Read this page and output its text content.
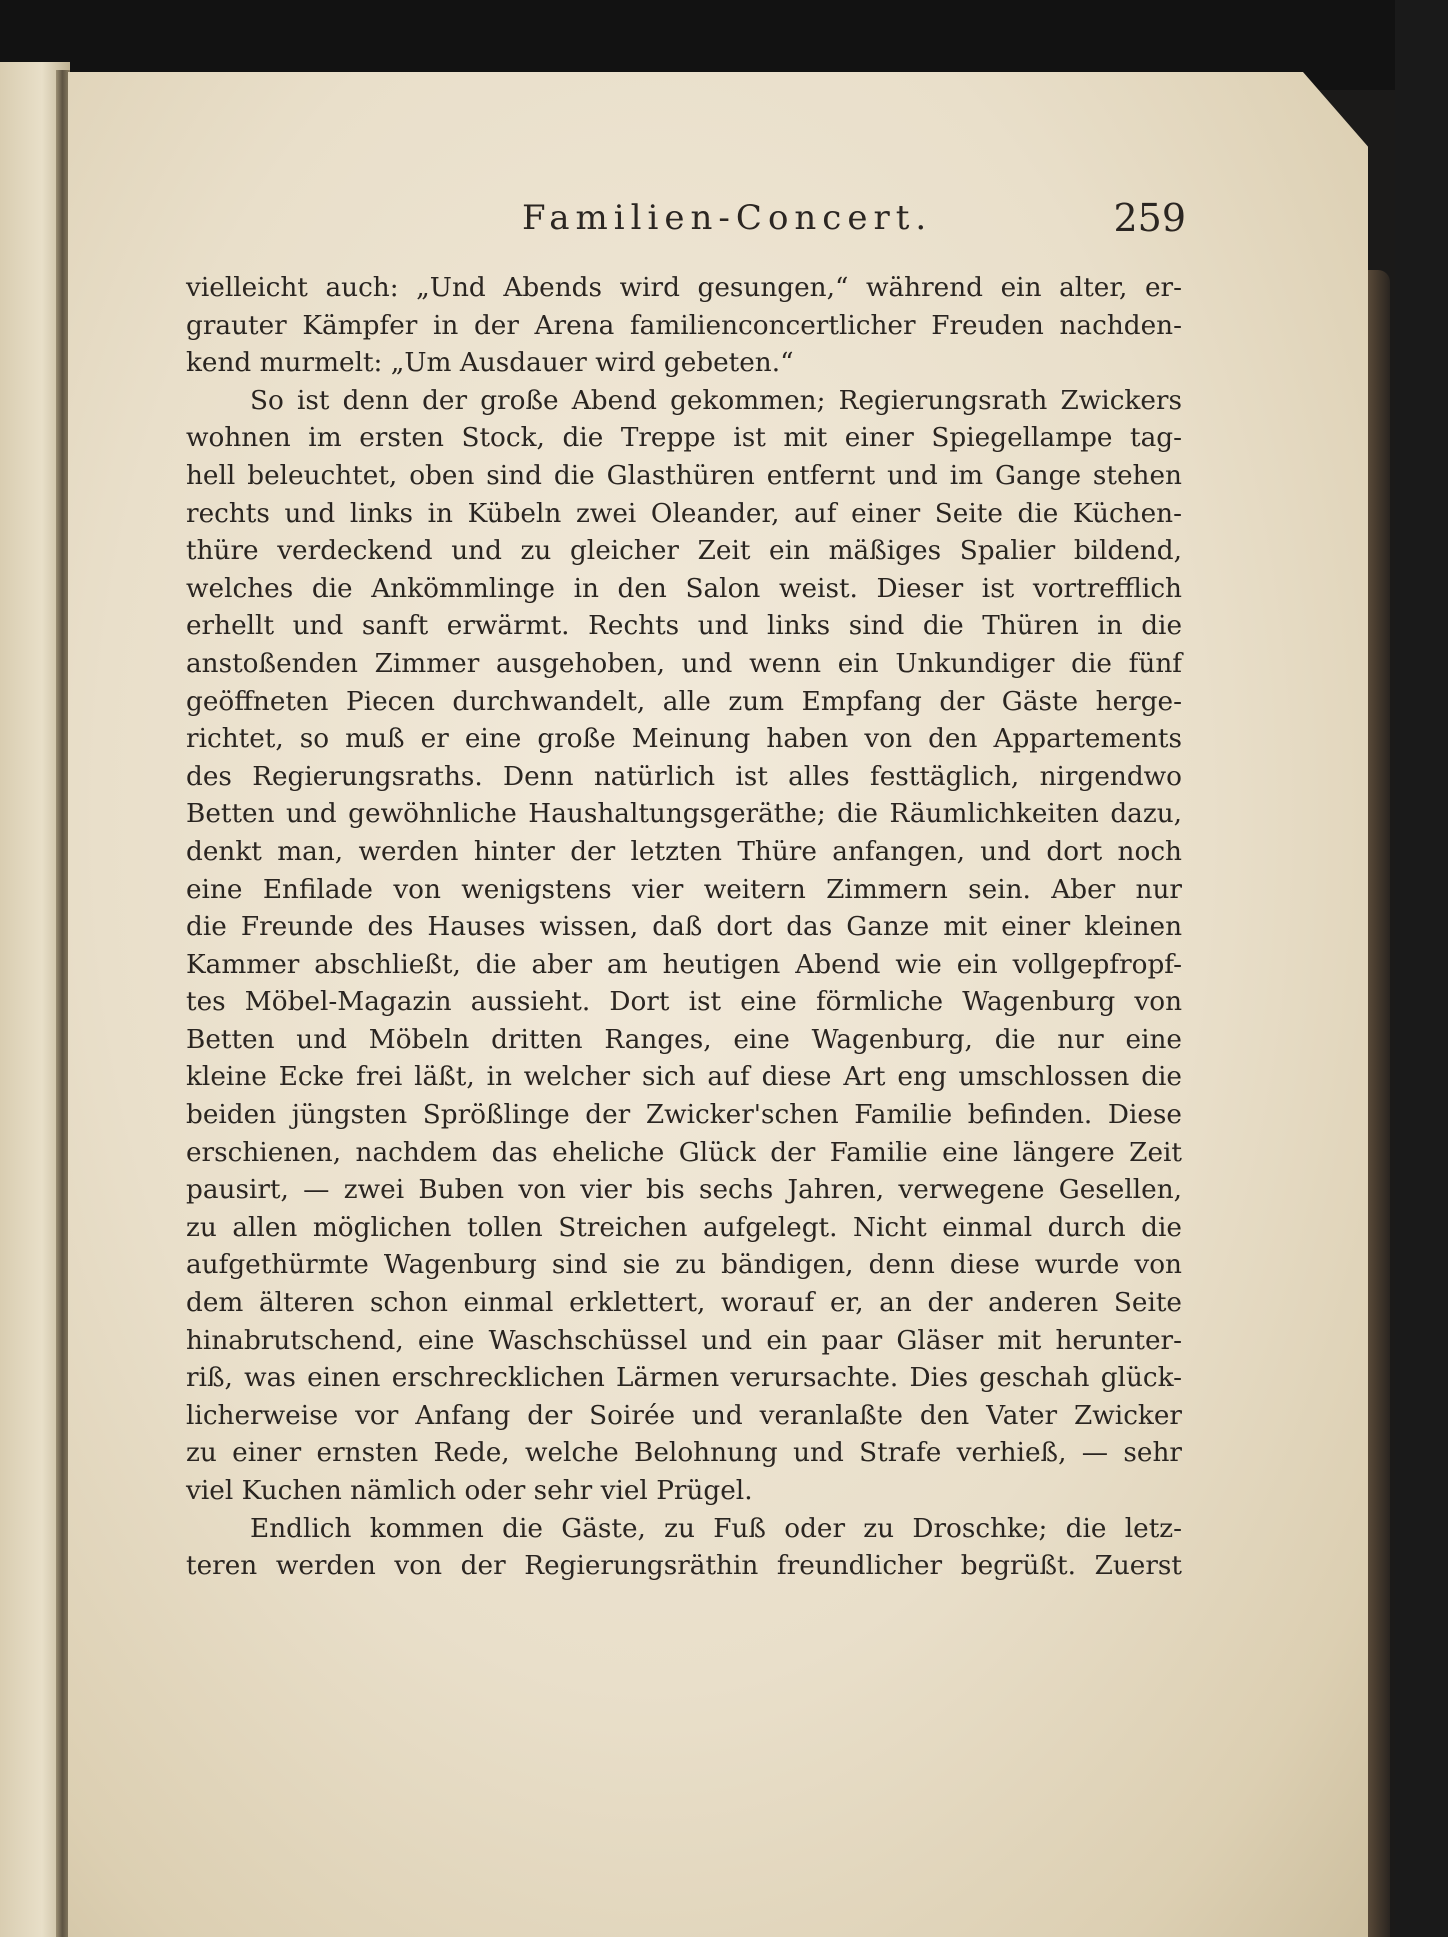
Familien-Concert.	259

vielleicht auch: „Und Abends wird gesungen,“ während ein alter, er-
grauter Kämpfer in der Arena familienconcertlicher Freuden nachden-
kend murmelt: „Um Ausdauer wird gebeten.“

So ist denn der große Abend gekommen; Regierungsrath Zwickers
wohnen im ersten Stock, die Treppe ist mit einer Spiegellampe tag-
hell beleuchtet, oben sind die Glasthüren entfernt und im Gange stehen
rechts und links in Kübeln zwei Oleander, auf einer Seite die Küchen-
thüre verdeckend und zu gleicher Zeit ein mäßiges Spalier bildend,
welches die Ankömmlinge in den Salon weist. Dieser ist vortrefflich
erhellt und sanft erwärmt. Rechts und links sind die Thüren in die
anstoßenden Zimmer ausgehoben, und wenn ein Unkundiger die fünf
geöffneten Piecen durchwandelt, alle zum Empfang der Gäste herge-
richtet, so muß er eine große Meinung haben von den Appartements
des Regierungsraths. Denn natürlich ist alles festtäglich, nirgendwo
Betten und gewöhnliche Haushaltungsgeräthe; die Räumlichkeiten dazu,
denkt man, werden hinter der letzten Thüre anfangen, und dort noch
eine Enfilade von wenigstens vier weitern Zimmern sein. Aber nur
die Freunde des Hauses wissen, daß dort das Ganze mit einer kleinen
Kammer abschließt, die aber am heutigen Abend wie ein vollgepfropf-
tes Möbel-Magazin aussieht. Dort ist eine förmliche Wagenburg von
Betten und Möbeln dritten Ranges, eine Wagenburg, die nur eine
kleine Ecke frei läßt, in welcher sich auf diese Art eng umschlossen die
beiden jüngsten Sprößlinge der Zwicker'schen Familie befinden. Diese
erschienen, nachdem das eheliche Glück der Familie eine längere Zeit
pausirt, — zwei Buben von vier bis sechs Jahren, verwegene Gesellen,
zu allen möglichen tollen Streichen aufgelegt. Nicht einmal durch die
aufgethürmte Wagenburg sind sie zu bändigen, denn diese wurde von
dem älteren schon einmal erklettert, worauf er, an der anderen Seite
hinabrutschend, eine Waschschüssel und ein paar Gläser mit herunter-
riß, was einen erschrecklichen Lärmen verursachte. Dies geschah glück-
licherweise vor Anfang der Soirée und veranlaßte den Vater Zwicker
zu einer ernsten Rede, welche Belohnung und Strafe verhieß, — sehr
viel Kuchen nämlich oder sehr viel Prügel.

Endlich kommen die Gäste, zu Fuß oder zu Droschke; die letz-
teren werden von der Regierungsräthin freundlicher begrüßt. Zuerst
